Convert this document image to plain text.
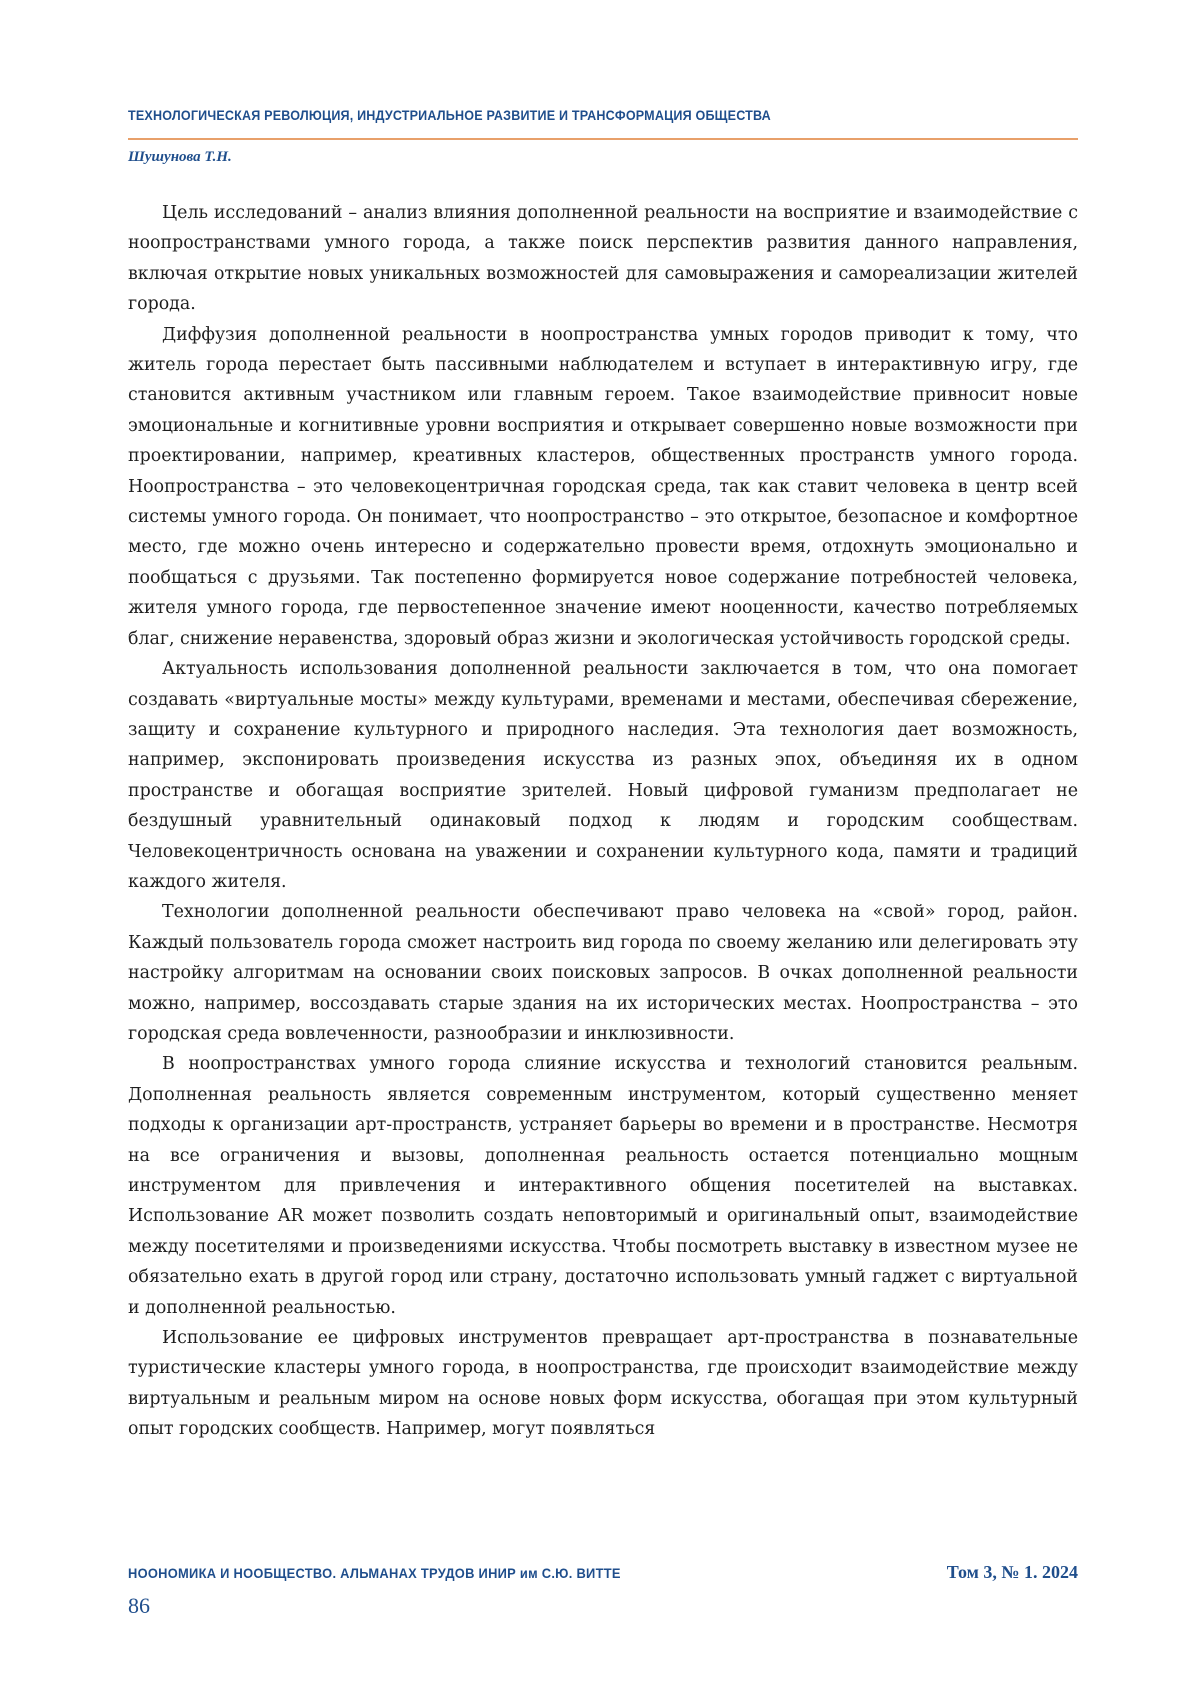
ТЕХНОЛОГИЧЕСКАЯ РЕВОЛЮЦИЯ, ИНДУСТРИАЛЬНОЕ РАЗВИТИЕ И ТРАНСФОРМАЦИЯ ОБЩЕСТВА
Шушунова Т.Н.

Цель исследований – анализ влияния дополненной реальности на восприятие и взаимодействие с ноопространствами умного города, а также поиск перспектив развития данного направления, включая открытие новых уникальных возможностей для самовыражения и самореализации жителей города.

Диффузия дополненной реальности в ноопространства умных городов приводит к тому, что житель города перестает быть пассивными наблюдателем и вступает в интерактивную игру, где становится активным участником или главным героем. Такое взаимодействие привносит новые эмоциональные и когнитивные уровни восприятия и открывает совершенно новые возможности при проектировании, например, креативных кластеров, общественных пространств умного города. Ноопространства – это человекоцентричная городская среда, так как ставит человека в центр всей системы умного города. Он понимает, что ноопространство – это открытое, безопасное и комфортное место, где можно очень интересно и содержательно провести время, отдохнуть эмоционально и пообщаться с друзьями. Так постепенно формируется новое содержание потребностей человека, жителя умного города, где первостепенное значение имеют нооценности, качество потребляемых благ, снижение неравенства, здоровый образ жизни и экологическая устойчивость городской среды.

Актуальность использования дополненной реальности заключается в том, что она помогает создавать «виртуальные мосты» между культурами, временами и местами, обеспечивая сбережение, защиту и сохранение культурного и природного наследия. Эта технология дает возможность, например, экспонировать произведения искусства из разных эпох, объединяя их в одном пространстве и обогащая восприятие зрителей. Новый цифровой гуманизм предполагает не бездушный уравнительный одинаковый подход к людям и городским сообществам. Человекоцентричность основана на уважении и сохранении культурного кода, памяти и традиций каждого жителя.

Технологии дополненной реальности обеспечивают право человека на «свой» город, район. Каждый пользователь города сможет настроить вид города по своему желанию или делегировать эту настройку алгоритмам на основании своих поисковых запросов. В очках дополненной реальности можно, например, воссоздавать старые здания на их исторических местах. Ноопространства – это городская среда вовлеченности, разнообразии и инклюзивности.

В ноопространствах умного города слияние искусства и технологий становится реальным. Дополненная реальность является современным инструментом, который существенно меняет подходы к организации арт-пространств, устраняет барьеры во времени и в пространстве. Несмотря на все ограничения и вызовы, дополненная реальность остается потенциально мощным инструментом для привлечения и интерактивного общения посетителей на выставках. Использование AR может позволить создать неповторимый и оригинальный опыт, взаимодействие между посетителями и произведениями искусства. Чтобы посмотреть выставку в известном музее не обязательно ехать в другой город или страну, достаточно использовать умный гаджет с виртуальной и дополненной реальностью.

Использование ее цифровых инструментов превращает арт-пространства в познавательные туристические кластеры умного города, в ноопространства, где происходит взаимодействие между виртуальным и реальным миром на основе новых форм искусства, обогащая при этом культурный опыт городских сообществ. Например, могут появляться

НООНОМИКА И НООБЩЕСТВО. АЛЬМАНАХ ТРУДОВ ИНИР им С.Ю. ВИТТЕ	Том 3, № 1. 2024
86
